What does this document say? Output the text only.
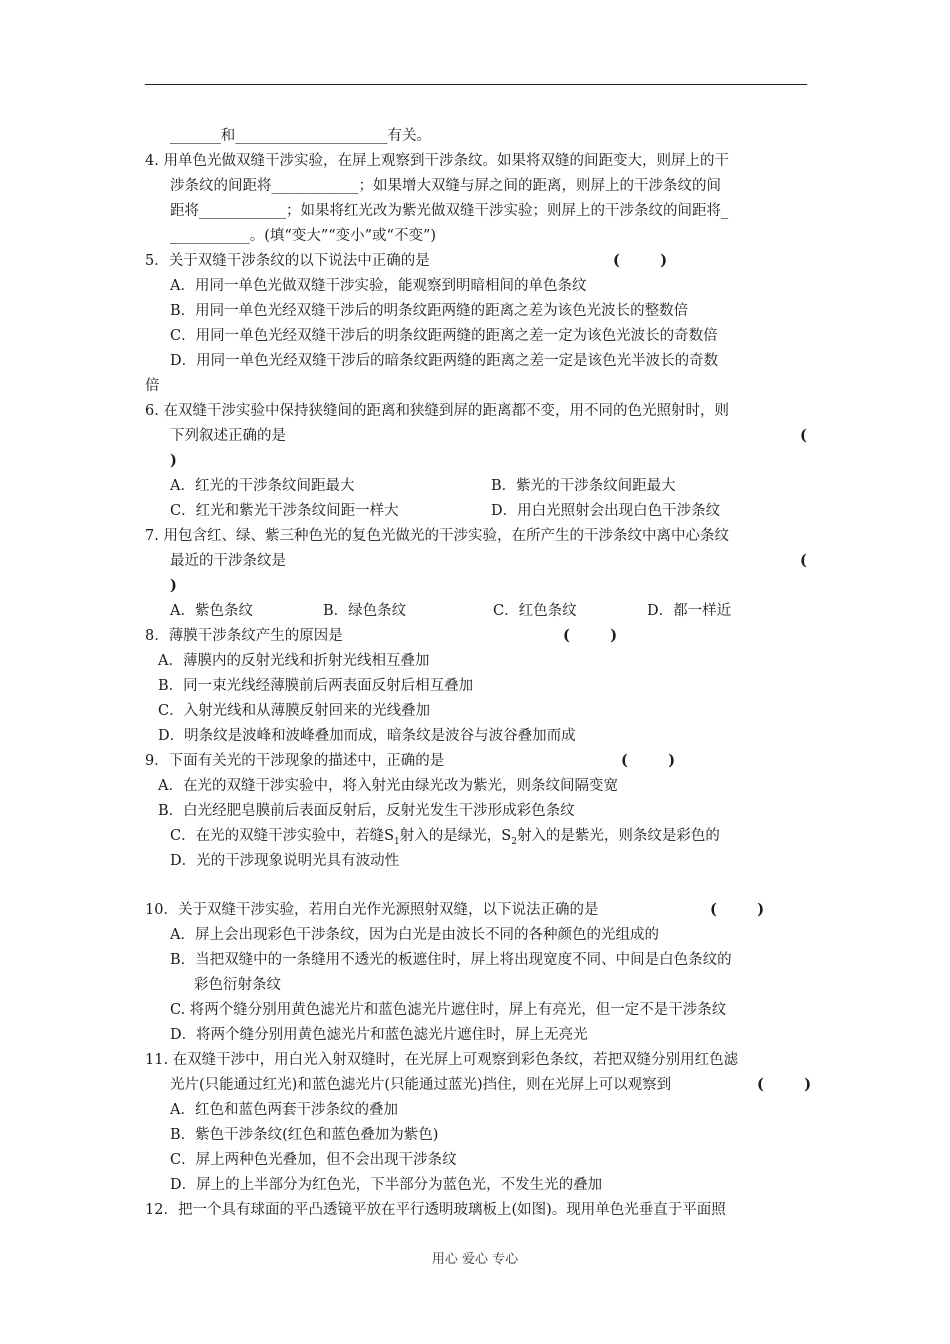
_______和_____________________有关。
4. 用单色光做双缝干涉实验，在屏上观察到干涉条纹。如果将双缝的间距变大，则屏上的干
涉条纹的间距将____________；如果增大双缝与屏之间的距离，则屏上的干涉条纹的间
距将____________；如果将红光改为紫光做双缝干涉实验；则屏上的干涉条纹的间距将_
___________。(填“变大”“变小”或“不变”)
5．关于双缝干涉条纹的以下说法中正确的是	(        )
A．用同一单色光做双缝干涉实验，能观察到明暗相间的单色条纹
B．用同一单色光经双缝干涉后的明条纹距两缝的距离之差为该色光波长的整数倍
C．用同一单色光经双缝干涉后的明条纹距两缝的距离之差一定为该色光波长的奇数倍
D．用同一单色光经双缝干涉后的暗条纹距两缝的距离之差一定是该色光半波长的奇数
倍
6. 在双缝干涉实验中保持狭缝间的距离和狭缝到屏的距离都不变，用不同的色光照射时，则
下列叙述正确的是	(
)
A．红光的干涉条纹间距最大	B．紫光的干涉条纹间距最大
C．红光和紫光干涉条纹间距一样大	D．用白光照射会出现白色干涉条纹
7. 用包含红、绿、紫三种色光的复色光做光的干涉实验，在所产生的干涉条纹中离中心条纹
最近的干涉条纹是	(
)
A．紫色条纹	B．绿色条纹	C．红色条纹	D．都一样近
8．薄膜干涉条纹产生的原因是	(        )
A．薄膜内的反射光线和折射光线相互叠加
B．同一束光线经薄膜前后两表面反射后相互叠加
C．入射光线和从薄膜反射回来的光线叠加
D．明条纹是波峰和波峰叠加而成，暗条纹是波谷与波谷叠加而成
9．下面有关光的干涉现象的描述中，正确的是	(        )
A．在光的双缝干涉实验中，将入射光由绿光改为紫光，则条纹间隔变宽
B．白光经肥皂膜前后表面反射后，反射光发生干涉形成彩色条纹
C．在光的双缝干涉实验中，若缝$S_1$射入的是绿光，$S_2$射入的是紫光，则条纹是彩色的
D．光的干涉现象说明光具有波动性
10．关于双缝干涉实验，若用白光作光源照射双缝，以下说法正确的是	(        )
A．屏上会出现彩色干涉条纹，因为白光是由波长不同的各种颜色的光组成的
B．当把双缝中的一条缝用不透光的板遮住时，屏上将出现宽度不同、中间是白色条纹的
彩色衍射条纹
C. 将两个缝分别用黄色滤光片和蓝色滤光片遮住时，屏上有亮光，但一定不是干涉条纹
D．将两个缝分别用黄色滤光片和蓝色滤光片遮住时，屏上无亮光
11. 在双缝干涉中，用白光入射双缝时，在光屏上可观察到彩色条纹，若把双缝分别用红色滤
光片(只能通过红光)和蓝色滤光片(只能通过蓝光)挡住，则在光屏上可以观察到	(        )
A．红色和蓝色两套干涉条纹的叠加
B．紫色干涉条纹(红色和蓝色叠加为紫色)
C．屏上两种色光叠加，但不会出现干涉条纹
D．屏上的上半部分为红色光，下半部分为蓝色光，不发生光的叠加
12．把一个具有球面的平凸透镜平放在平行透明玻璃板上(如图)。现用单色光垂直于平面照
用心 爱心 专心
